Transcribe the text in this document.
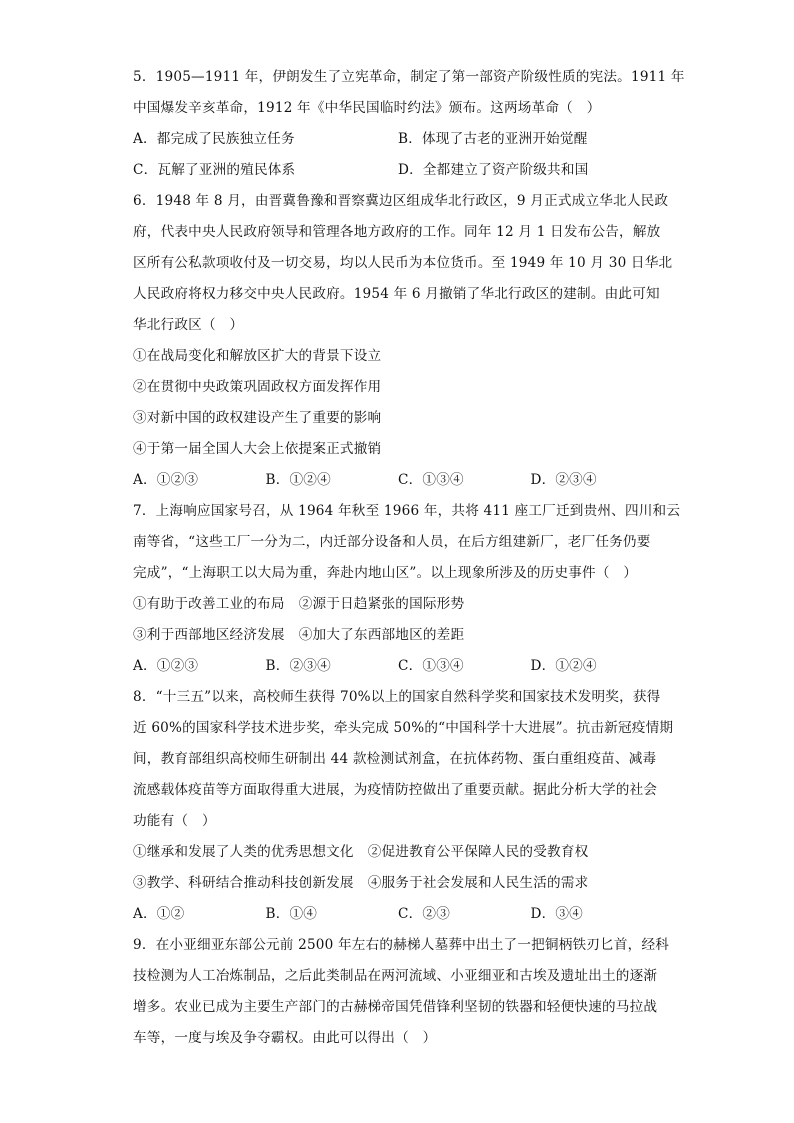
5．1905—1911 年，伊朗发生了立宪革命，制定了第一部资产阶级性质的宪法。1911 年
中国爆发辛亥革命，1912 年《中华民国临时约法》颁布。这两场革命（　）
A．都完成了民族独立任务	B．体现了古老的亚洲开始觉醒
C．瓦解了亚洲的殖民体系	D．全都建立了资产阶级共和国
6．1948 年 8 月，由晋冀鲁豫和晋察冀边区组成华北行政区，9 月正式成立华北人民政
府，代表中央人民政府领导和管理各地方政府的工作。同年 12 月 1 日发布公告，解放
区所有公私款项收付及一切交易，均以人民币为本位货币。至 1949 年 10 月 30 日华北
人民政府将权力移交中央人民政府。1954 年 6 月撤销了华北行政区的建制。由此可知
华北行政区（　）
①在战局变化和解放区扩大的背景下设立
②在贯彻中央政策巩固政权方面发挥作用
③对新中国的政权建设产生了重要的影响
④于第一届全国人大会上依提案正式撤销
A．①②③	B．①②④	C．①③④	D．②③④
7．上海响应国家号召，从 1964 年秋至 1966 年，共将 411 座工厂迁到贵州、四川和云
南等省，“这些工厂一分为二，内迁部分设备和人员，在后方组建新厂，老厂任务仍要
完成”，“上海职工以大局为重，奔赴内地山区”。以上现象所涉及的历史事件（　）
①有助于改善工业的布局 ②源于日趋紧张的国际形势
③利于西部地区经济发展 ④加大了东西部地区的差距
A．①②③	B．②③④	C．①③④	D．①②④
8．“十三五”以来，高校师生获得 70%以上的国家自然科学奖和国家技术发明奖，获得
近 60%的国家科学技术进步奖，牵头完成 50%的“中国科学十大进展”。抗击新冠疫情期
间，教育部组织高校师生研制出 44 款检测试剂盒，在抗体药物、蛋白重组疫苗、减毒
流感载体疫苗等方面取得重大进展，为疫情防控做出了重要贡献。据此分析大学的社会
功能有（　）
①继承和发展了人类的优秀思想文化 ②促进教育公平保障人民的受教育权
③教学、科研结合推动科技创新发展 ④服务于社会发展和人民生活的需求
A．①②	B．①④	C．②③	D．③④
9．在小亚细亚东部公元前 2500 年左右的赫梯人墓葬中出土了一把铜柄铁刃匕首，经科
技检测为人工冶炼制品，之后此类制品在两河流域、小亚细亚和古埃及遗址出土的逐渐
增多。农业已成为主要生产部门的古赫梯帝国凭借锋利坚韧的铁器和轻便快速的马拉战
车等，一度与埃及争夺霸权。由此可以得出（　）
